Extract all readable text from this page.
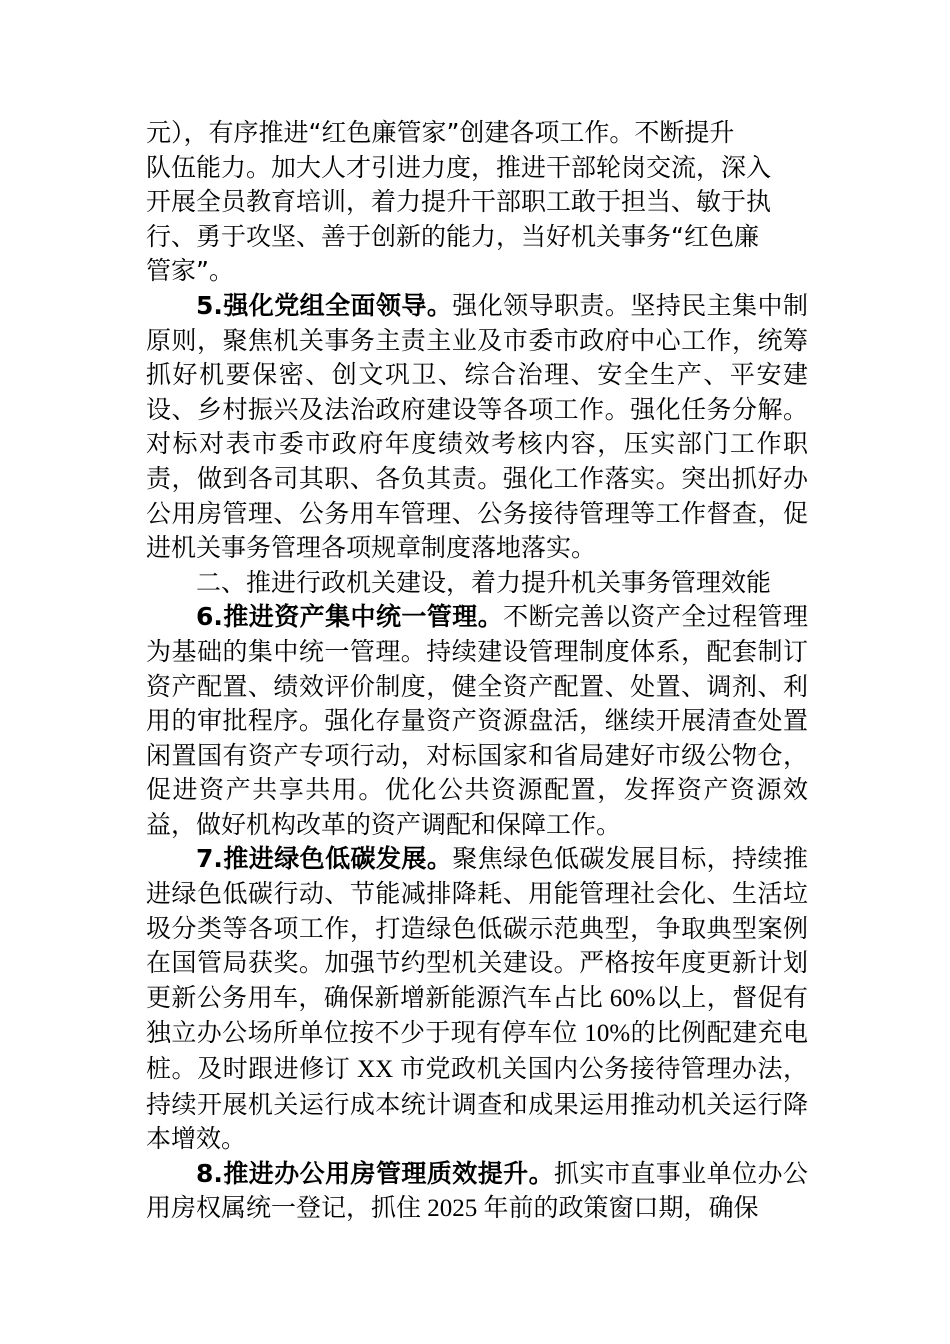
元），有序推进“红色廉管家”创建各项工作。不断提升
队伍能力。加大人才引进力度，推进干部轮岗交流，深入
开展全员教育培训，着力提升干部职工敢于担当、敏于执
行、勇于攻坚、善于创新的能力，当好机关事务“红色廉
管家”。

5.强化党组全面领导。强化领导职责。坚持民主集中制原则，聚焦机关事务主责主业及市委市政府中心工作，统筹抓好机要保密、创文巩卫、综合治理、安全生产、平安建设、乡村振兴及法治政府建设等各项工作。强化任务分解。对标对表市委市政府年度绩效考核内容，压实部门工作职责，做到各司其职、各负其责。强化工作落实。突出抓好办公用房管理、公务用车管理、公务接待管理等工作督查，促进机关事务管理各项规章制度落地落实。

二、推进行政机关建设，着力提升机关事务管理效能

6.推进资产集中统一管理。不断完善以资产全过程管理为基础的集中统一管理。持续建设管理制度体系，配套制订资产配置、绩效评价制度，健全资产配置、处置、调剂、利用的审批程序。强化存量资产资源盘活，继续开展清查处置闲置国有资产专项行动，对标国家和省局建好市级公物仓，促进资产共享共用。优化公共资源配置，发挥资产资源效益，做好机构改革的资产调配和保障工作。

7.推进绿色低碳发展。聚焦绿色低碳发展目标，持续推进绿色低碳行动、节能减排降耗、用能管理社会化、生活垃圾分类等各项工作，打造绿色低碳示范典型，争取典型案例在国管局获奖。加强节约型机关建设。严格按年度更新计划更新公务用车，确保新增新能源汽车占比 60%以上，督促有独立办公场所单位按不少于现有停车位 10%的比例配建充电桩。及时跟进修订 XX 市党政机关国内公务接待管理办法，持续开展机关运行成本统计调查和成果运用推动机关运行降本增效。

8.推进办公用房管理质效提升。抓实市直事业单位办公用房权属统一登记，抓住 2025 年前的政策窗口期，确保
